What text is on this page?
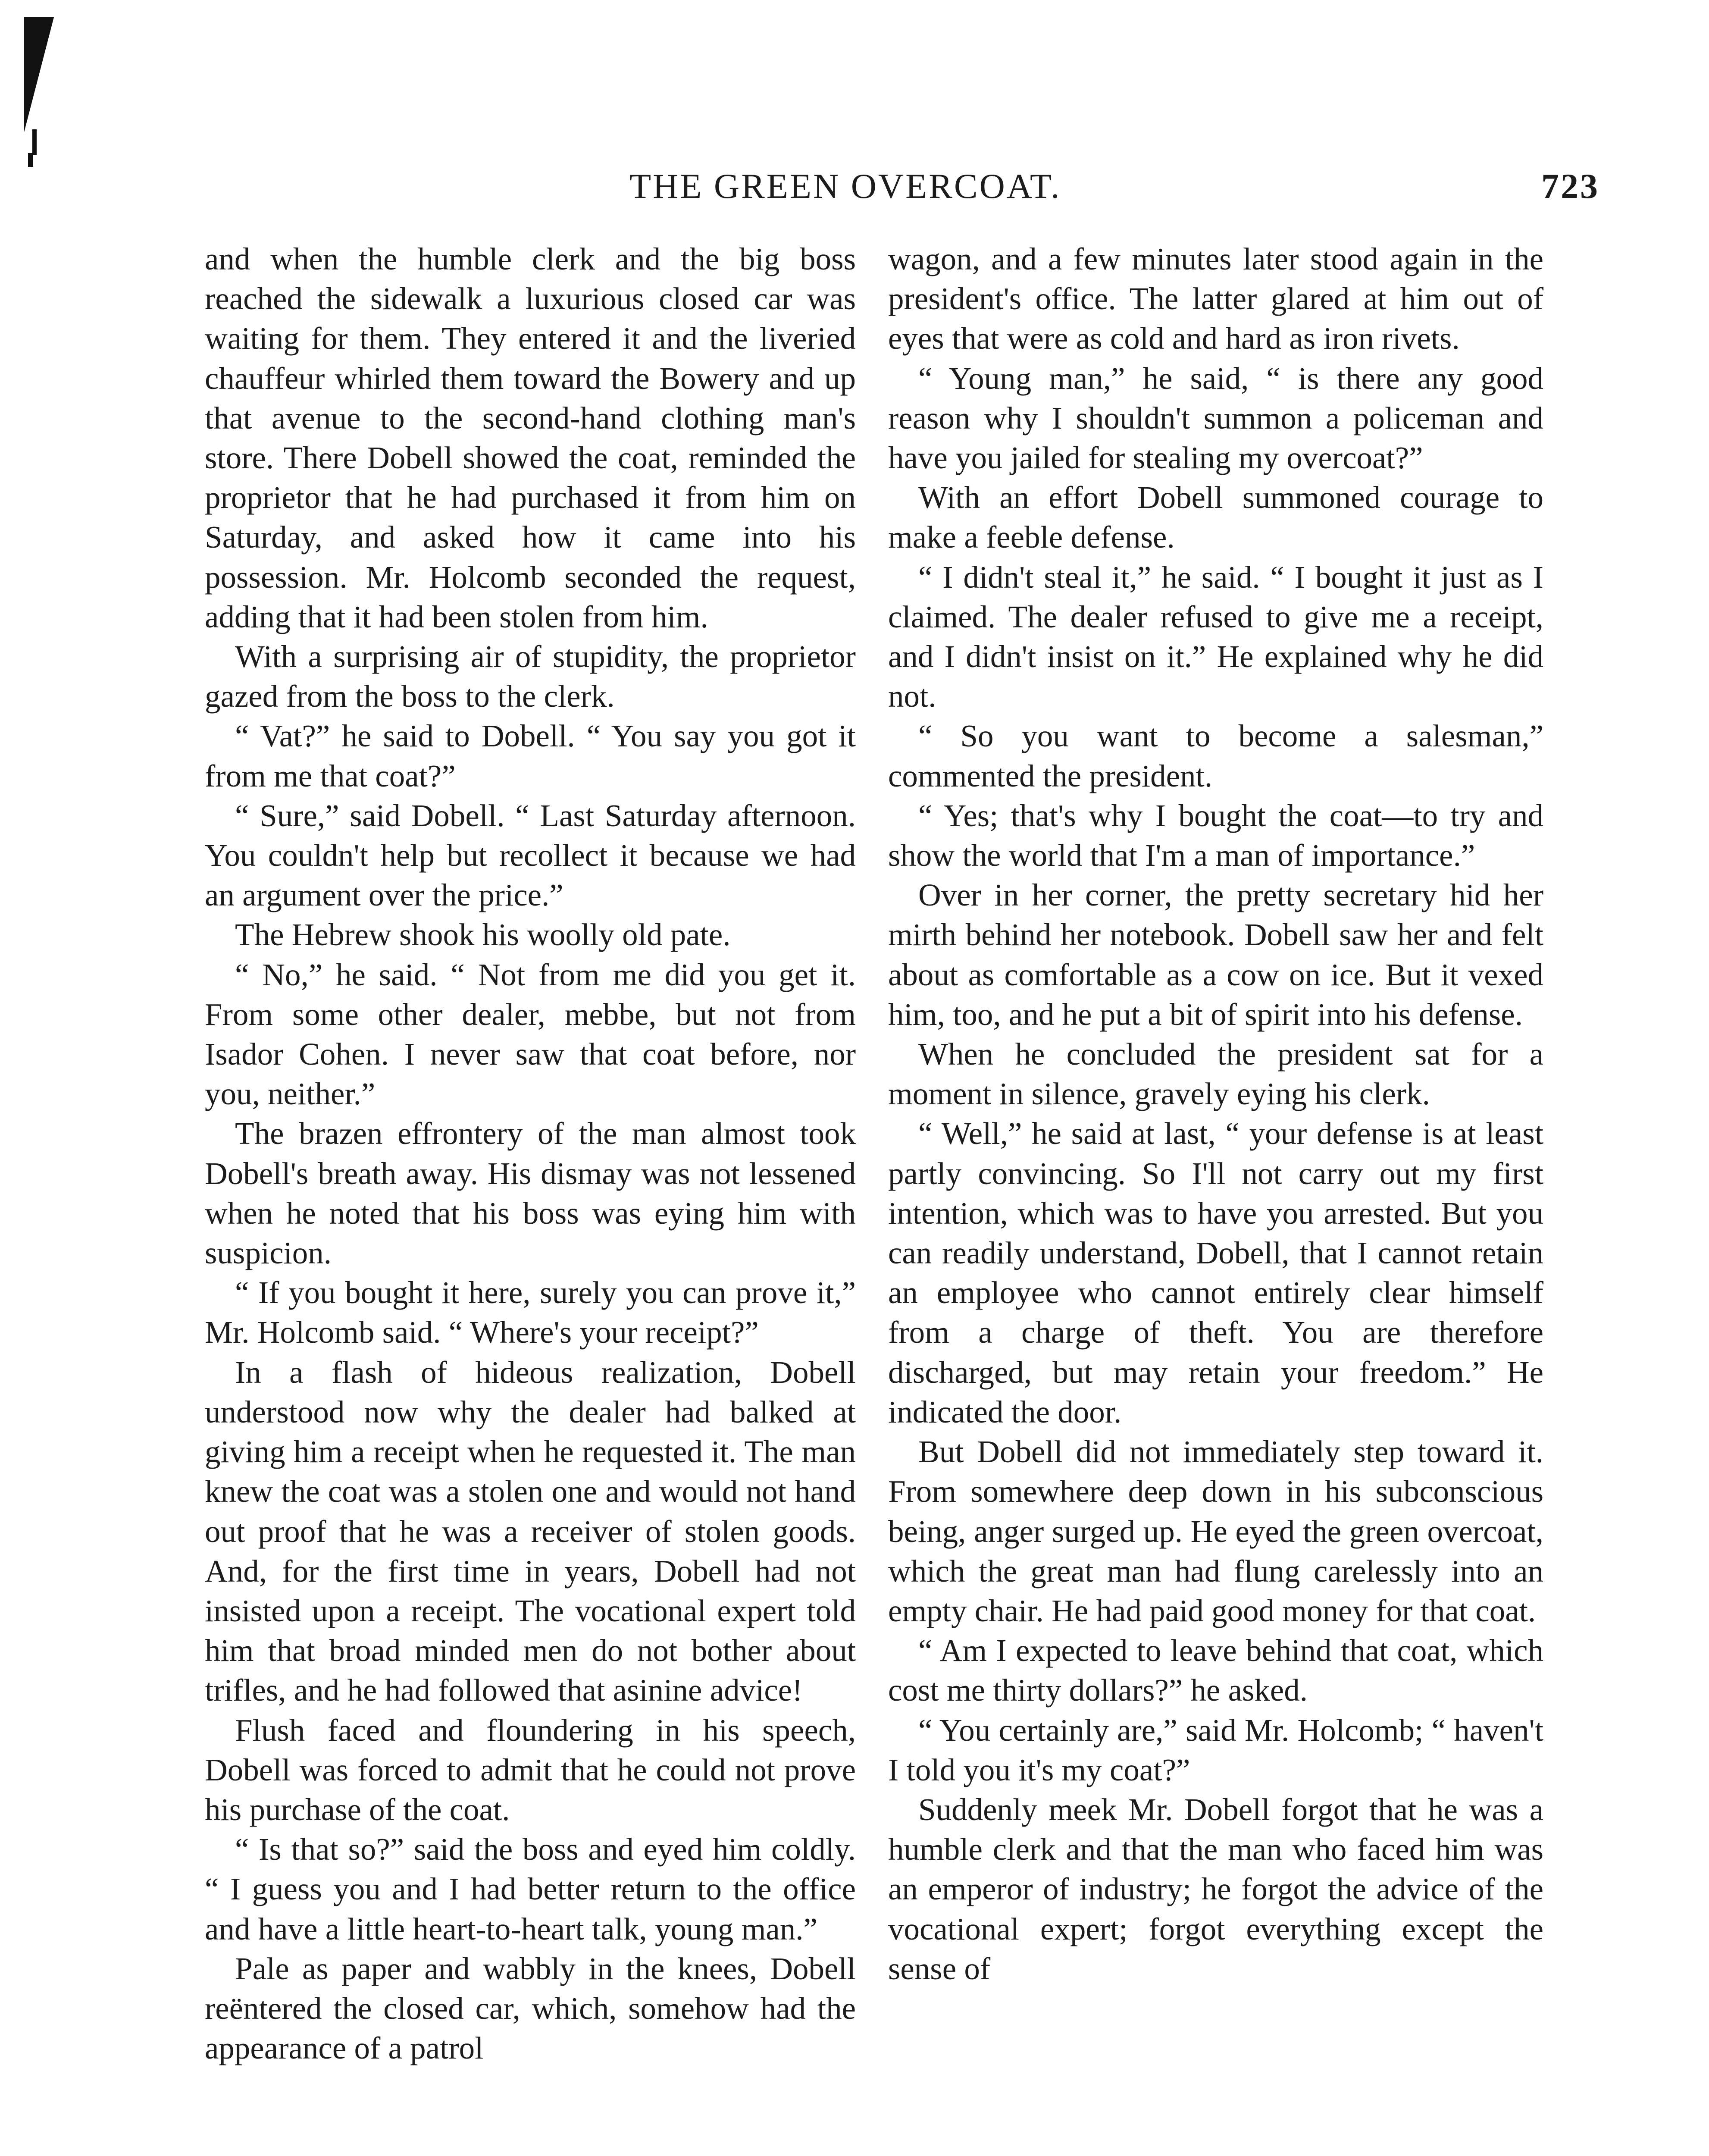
THE GREEN OVERCOAT.	723

and when the humble clerk and the big boss reached the sidewalk a luxurious closed car was waiting for them. They entered it and the liveried chauffeur whirled them toward the Bowery and up that avenue to the second-hand clothing man's store. There Dobell showed the coat, reminded the proprietor that he had purchased it from him on Saturday, and asked how it came into his possession. Mr. Holcomb seconded the request, adding that it had been stolen from him.

With a surprising air of stupidity, the proprietor gazed from the boss to the clerk.

“ Vat?” he said to Dobell. “ You say you got it from me that coat?”

“ Sure,” said Dobell. “ Last Saturday afternoon. You couldn't help but recollect it because we had an argument over the price.”

The Hebrew shook his woolly old pate.

“ No,” he said. “ Not from me did you get it. From some other dealer, mebbe, but not from Isador Cohen. I never saw that coat before, nor you, neither.”

The brazen effrontery of the man almost took Dobell's breath away. His dismay was not lessened when he noted that his boss was eying him with suspicion.

“ If you bought it here, surely you can prove it,” Mr. Holcomb said. “ Where's your receipt?”

In a flash of hideous realization, Dobell understood now why the dealer had balked at giving him a receipt when he requested it. The man knew the coat was a stolen one and would not hand out proof that he was a receiver of stolen goods. And, for the first time in years, Dobell had not insisted upon a receipt. The vocational expert told him that broad minded men do not bother about trifles, and he had followed that asinine advice!

Flush faced and floundering in his speech, Dobell was forced to admit that he could not prove his purchase of the coat.

“ Is that so?” said the boss and eyed him coldly. “ I guess you and I had better return to the office and have a little heart-to-heart talk, young man.”

Pale as paper and wabbly in the knees, Dobell reëntered the closed car, which, somehow had the appearance of a patrol

wagon, and a few minutes later stood again in the president's office. The latter glared at him out of eyes that were as cold and hard as iron rivets.

“ Young man,” he said, “ is there any good reason why I shouldn't summon a policeman and have you jailed for stealing my overcoat?”

With an effort Dobell summoned courage to make a feeble defense.

“ I didn't steal it,” he said. “ I bought it just as I claimed. The dealer refused to give me a receipt, and I didn't insist on it.” He explained why he did not.

“ So you want to become a salesman,” commented the president.

“ Yes; that's why I bought the coat—to try and show the world that I'm a man of importance.”

Over in her corner, the pretty secretary hid her mirth behind her notebook. Dobell saw her and felt about as comfortable as a cow on ice. But it vexed him, too, and he put a bit of spirit into his defense.

When he concluded the president sat for a moment in silence, gravely eying his clerk.

“ Well,” he said at last, “ your defense is at least partly convincing. So I'll not carry out my first intention, which was to have you arrested. But you can readily understand, Dobell, that I cannot retain an employee who cannot entirely clear himself from a charge of theft. You are therefore discharged, but may retain your freedom.” He indicated the door.

But Dobell did not immediately step toward it. From somewhere deep down in his subconscious being, anger surged up. He eyed the green overcoat, which the great man had flung carelessly into an empty chair. He had paid good money for that coat.

“ Am I expected to leave behind that coat, which cost me thirty dollars?” he asked.

“ You certainly are,” said Mr. Holcomb; “ haven't I told you it's my coat?”

Suddenly meek Mr. Dobell forgot that he was a humble clerk and that the man who faced him was an emperor of industry; he forgot the advice of the vocational expert; forgot everything except the sense of
